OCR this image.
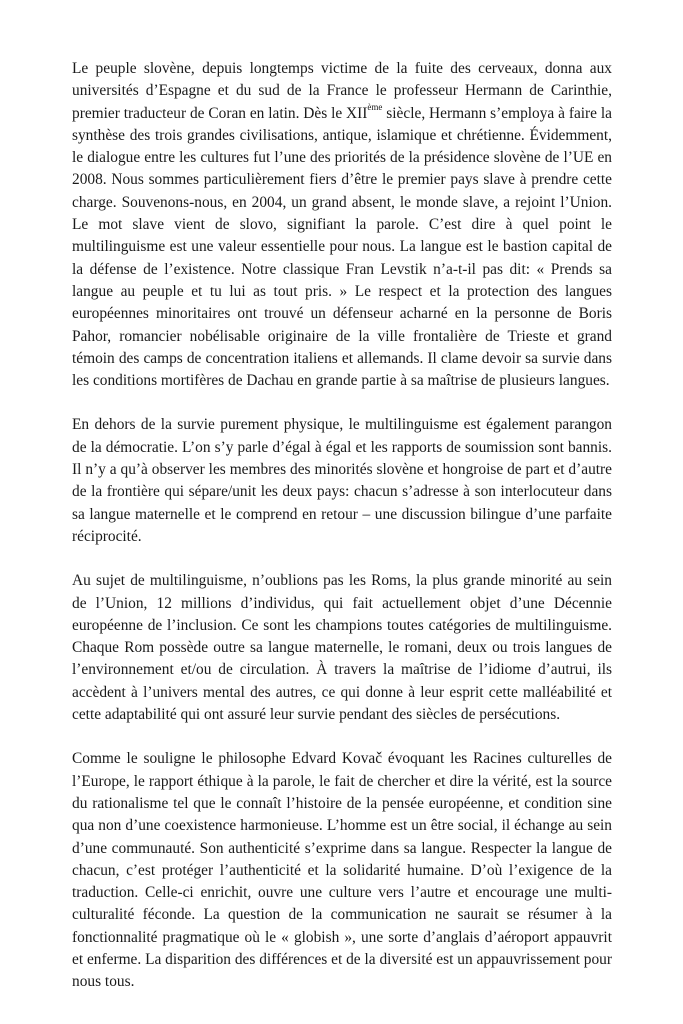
Le peuple slovène, depuis longtemps victime de la fuite des cerveaux, donna aux universités d’Espagne et du sud de la France le professeur Hermann de Carinthie, premier traducteur de Coran en latin. Dès le XIIème siècle, Hermann s’employa à faire la synthèse des trois grandes civilisations, antique, islamique et chrétienne. Évidemment, le dialogue entre les cultures fut l’une des priorités de la présidence slovène de l’UE en 2008. Nous sommes particulièrement fiers d’être le premier pays slave à prendre cette charge. Souvenons-nous, en 2004, un grand absent, le monde slave, a rejoint l’Union. Le mot slave vient de slovo, signifiant la parole. C’est dire à quel point le multilinguisme est une valeur essentielle pour nous. La langue est le bastion capital de la défense de l’existence. Notre classique Fran Levstik n’a-t-il pas dit: « Prends sa langue au peuple et tu lui as tout pris. » Le respect et la protection des langues européennes minoritaires ont trouvé un défenseur acharné en la personne de Boris Pahor, romancier nobélisable originaire de la ville frontalière de Trieste et grand témoin des camps de concentration italiens et allemands. Il clame devoir sa survie dans les conditions mortifères de Dachau en grande partie à sa maîtrise de plusieurs langues.

En dehors de la survie purement physique, le multilinguisme est également parangon de la démocratie. L’on s’y parle d’égal à égal et les rapports de soumission sont bannis. Il n’y a qu’à observer les membres des minorités slovène et hongroise de part et d’autre de la frontière qui sépare/unit les deux pays: chacun s’adresse à son interlocuteur dans sa langue maternelle et le comprend en retour – une discussion bilingue d’une parfaite réciprocité.

Au sujet de multilinguisme, n’oublions pas les Roms, la plus grande minorité au sein de l’Union, 12 millions d’individus, qui fait actuellement objet d’une Décennie européenne de l’inclusion. Ce sont les champions toutes catégories de multilinguisme. Chaque Rom possède outre sa langue maternelle, le romani, deux ou trois langues de l’environnement et/ou de circulation. À travers la maîtrise de l’idiome d’autrui, ils accèdent à l’univers mental des autres, ce qui donne à leur esprit cette malléabilité et cette adaptabilité qui ont assuré leur survie pendant des siècles de persécutions.

Comme le souligne le philosophe Edvard Kovač évoquant les Racines culturelles de l’Europe, le rapport éthique à la parole, le fait de chercher et dire la vérité, est la source du rationalisme tel que le connaît l’histoire de la pensée européenne, et condition sine qua non d’une coexistence harmonieuse. L’homme est un être social, il échange au sein d’une communauté. Son authenticité s’exprime dans sa langue. Respecter la langue de chacun, c’est protéger l’authenticité et la solidarité humaine. D’où l’exigence de la traduction. Celle-ci enrichit, ouvre une culture vers l’autre et encourage une multi-culturalité féconde. La question de la communication ne saurait se résumer à la fonctionnalité pragmatique où le « globish », une sorte d’anglais d’aéroport appauvrit et enferme. La disparition des différences et de la diversité est un appauvrissement pour nous tous.
